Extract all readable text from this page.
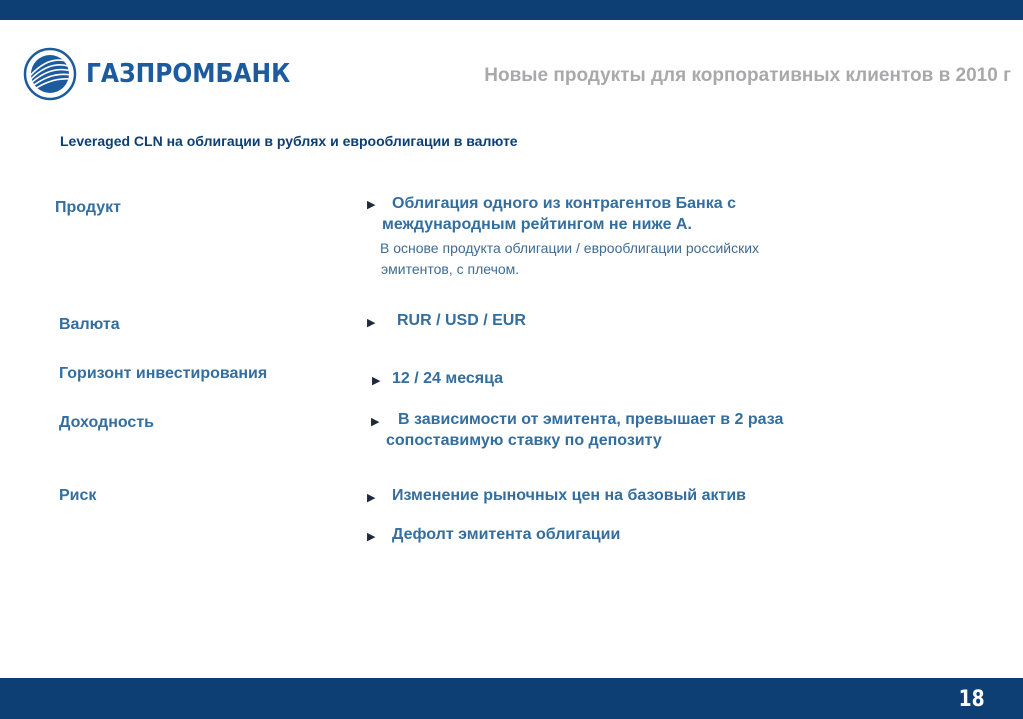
ГАЗПРОМБАНК	Новые продукты для корпоративных клиентов в 2010 г
Leveraged CLN на облигации в рублях и еврооблигации в валюте
Продукт	▶ Облигация одного из контрагентов Банка с
международным рейтингом не ниже А.
В основе продукта облигации / еврооблигации российских
эмитентов, с плечом.
Валюта	▶ RUR / USD / EUR
Горизонт инвестирования	▶ 12 / 24 месяца
Доходность	▶ В зависимости от эмитента, превышает в 2 раза
сопоставимую ставку по депозиту
Риск	▶ Изменение рыночных цен на базовый актив
▶ Дефолт эмитента облигации
18
